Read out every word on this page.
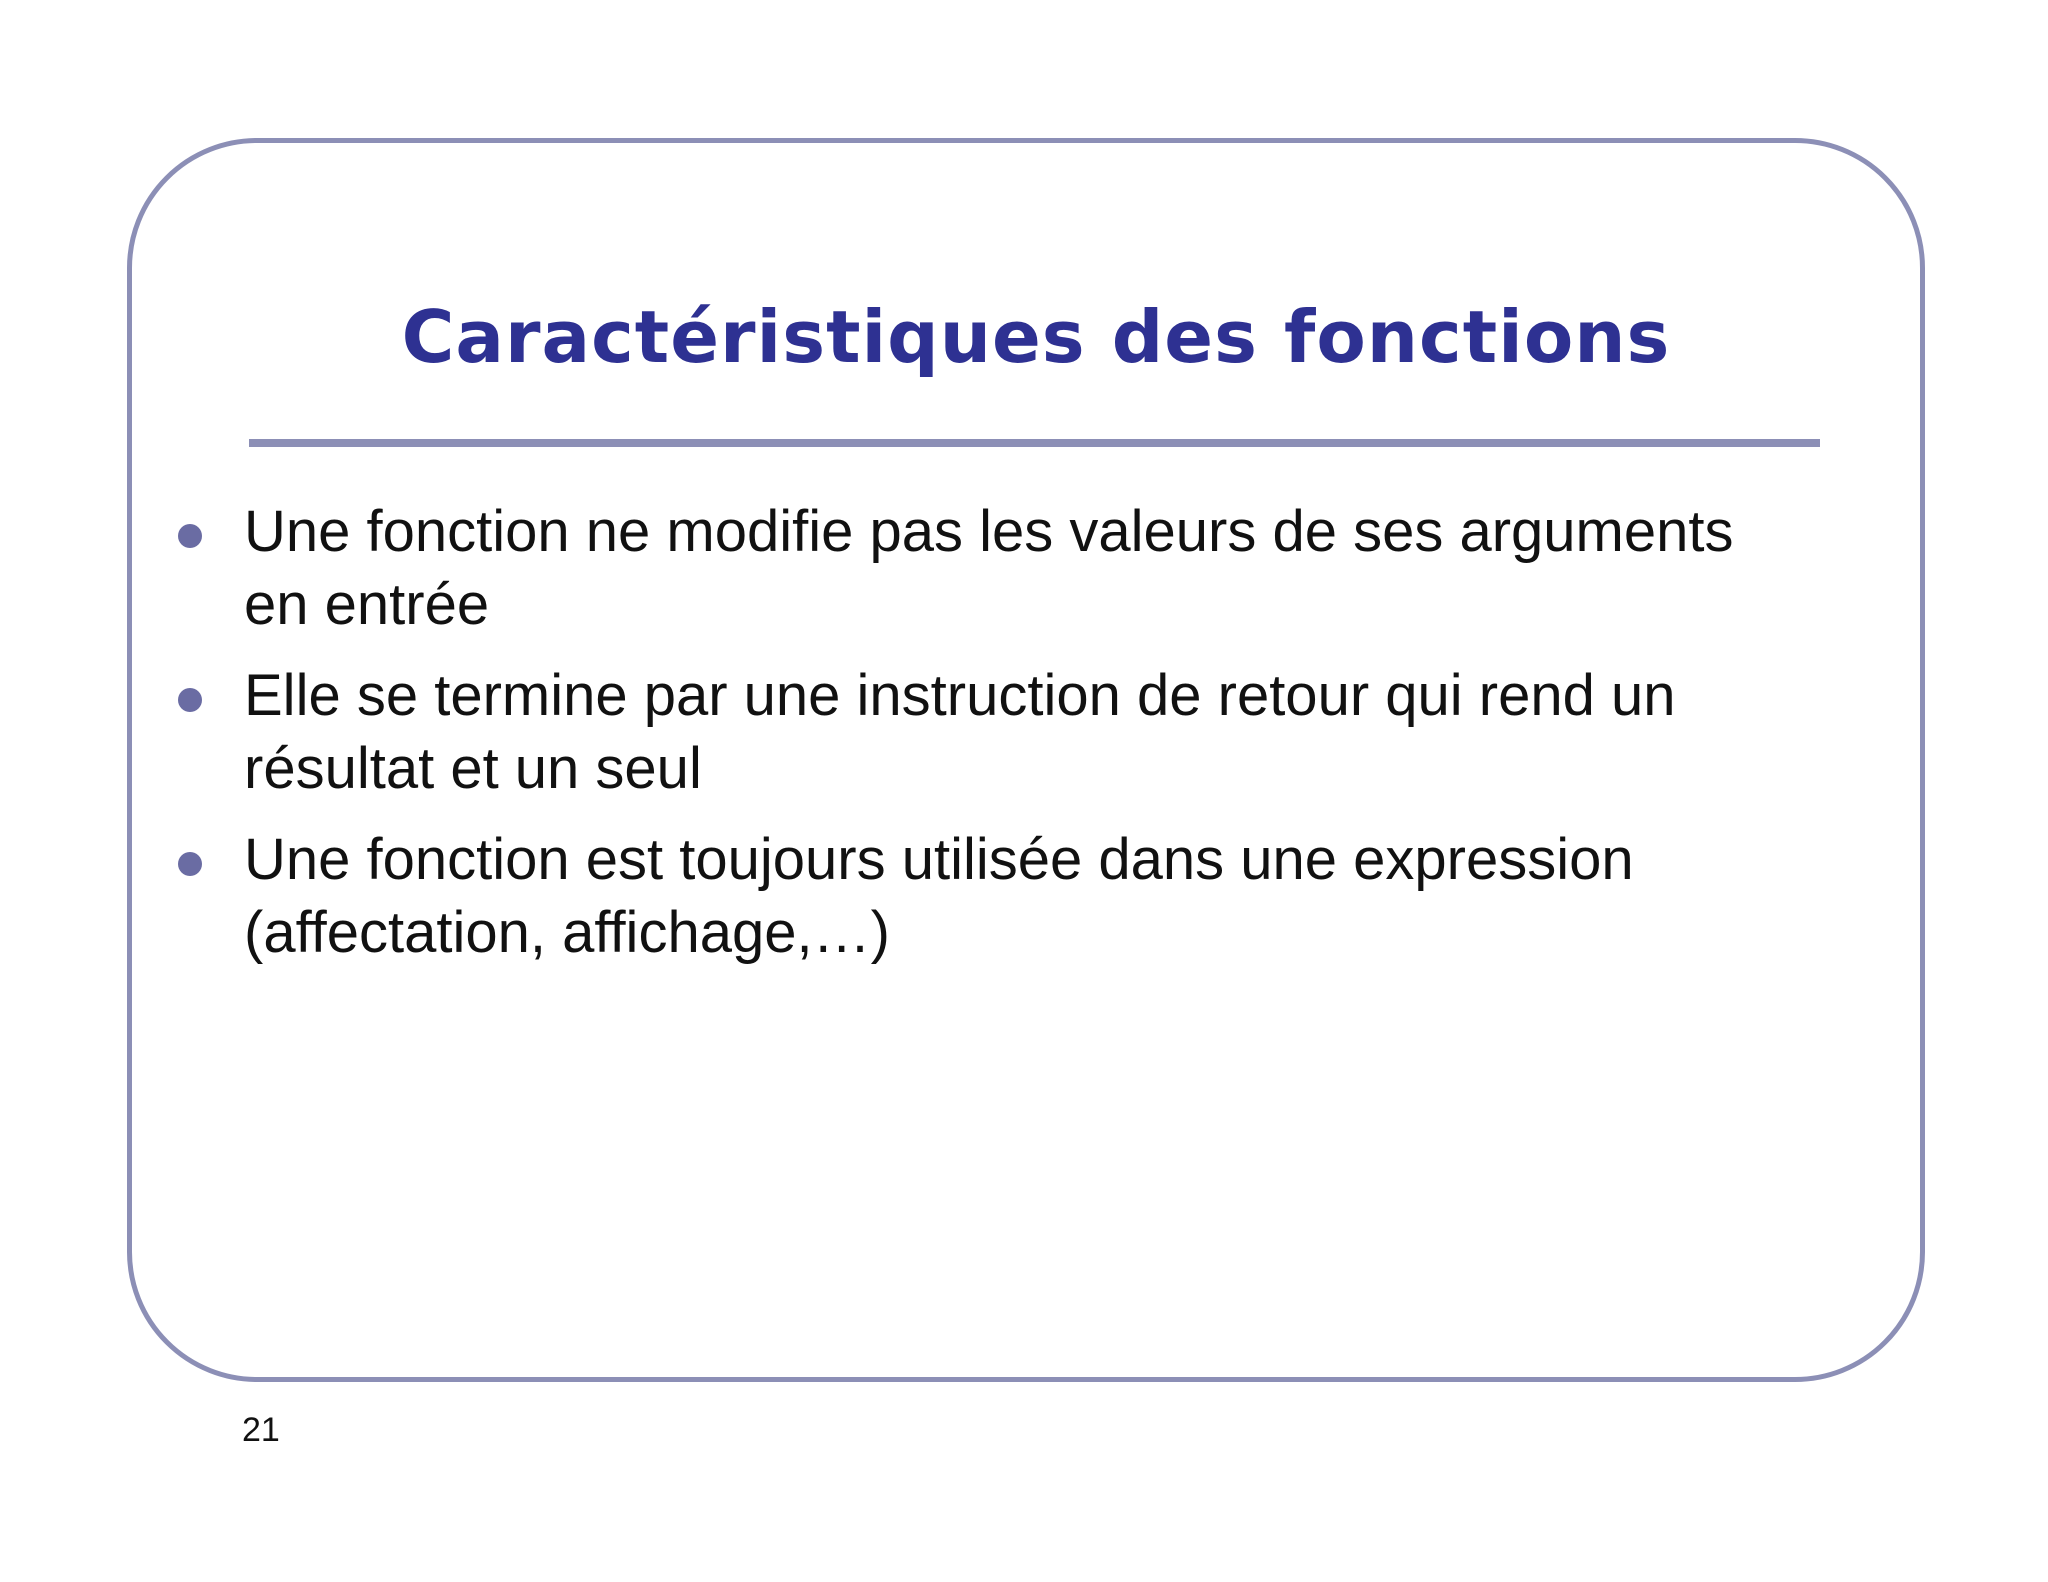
Caractéristiques des fonctions
Une fonction ne modifie pas les valeurs de ses arguments
en entrée
Elle se termine par une instruction de retour qui rend un
résultat et un seul
Une fonction est toujours utilisée dans une expression
(affectation, affichage,…)
21
